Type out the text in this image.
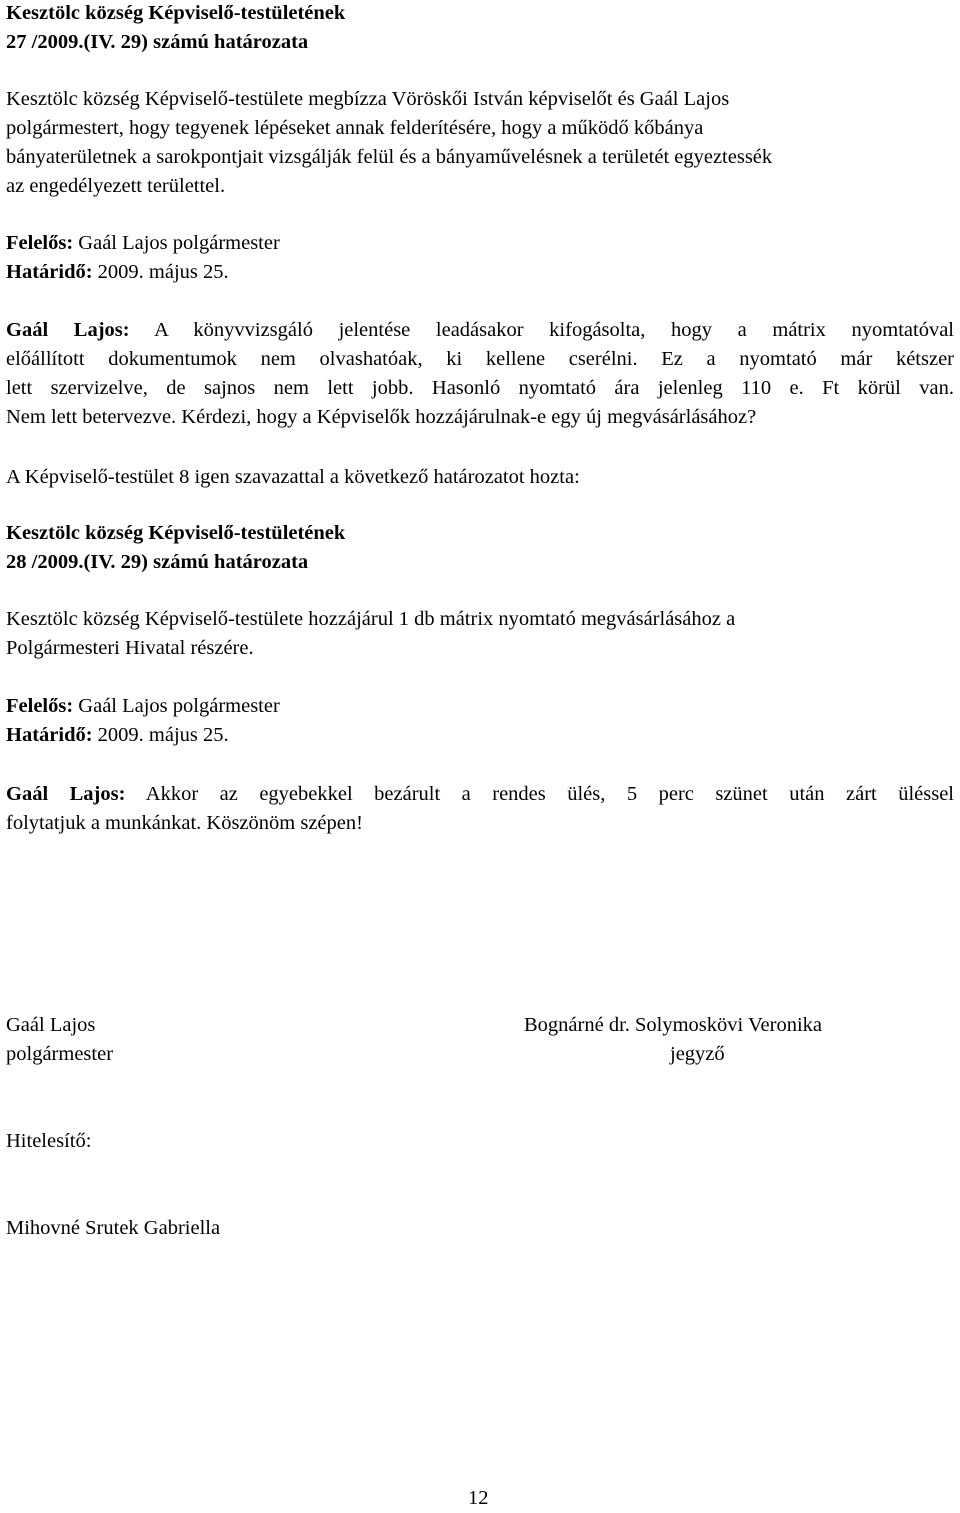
Kesztölc község Képviselő-testületének
27 /2009.(IV. 29) számú határozata
Kesztölc község Képviselő-testülete megbízza Vöröskői István képviselőt és Gaál Lajos
polgármestert, hogy tegyenek lépéseket annak felderítésére, hogy a működő kőbánya
bányaterületnek a sarokpontjait vizsgálják felül és a bányaművelésnek a területét egyeztessék
az engedélyezett területtel.
Felelős: Gaál Lajos polgármester
Határidő: 2009. május 25.
Gaál Lajos: A könyvvizsgáló jelentése leadásakor kifogásolta, hogy a mátrix nyomtatóval
előállított dokumentumok nem olvashatóak, ki kellene cserélni. Ez a nyomtató már kétszer
lett szervizelve, de sajnos nem lett jobb. Hasonló nyomtató ára jelenleg 110 e. Ft körül van.
Nem lett betervezve. Kérdezi, hogy a Képviselők hozzájárulnak-e egy új megvásárlásához?
A Képviselő-testület 8 igen szavazattal a következő határozatot hozta:
Kesztölc község Képviselő-testületének
28 /2009.(IV. 29) számú határozata
Kesztölc község Képviselő-testülete hozzájárul 1 db mátrix nyomtató megvásárlásához a
Polgármesteri Hivatal részére.
Felelős: Gaál Lajos polgármester
Határidő: 2009. május 25.
Gaál Lajos: Akkor az egyebekkel bezárult a rendes ülés, 5 perc szünet után zárt üléssel
folytatjuk a munkánkat. Köszönöm szépen!
Gaál Lajos
polgármester
Bognárné dr. Solymoskövi Veronika
jegyző
Hitelesítő:
Mihovné Srutek Gabriella
12
